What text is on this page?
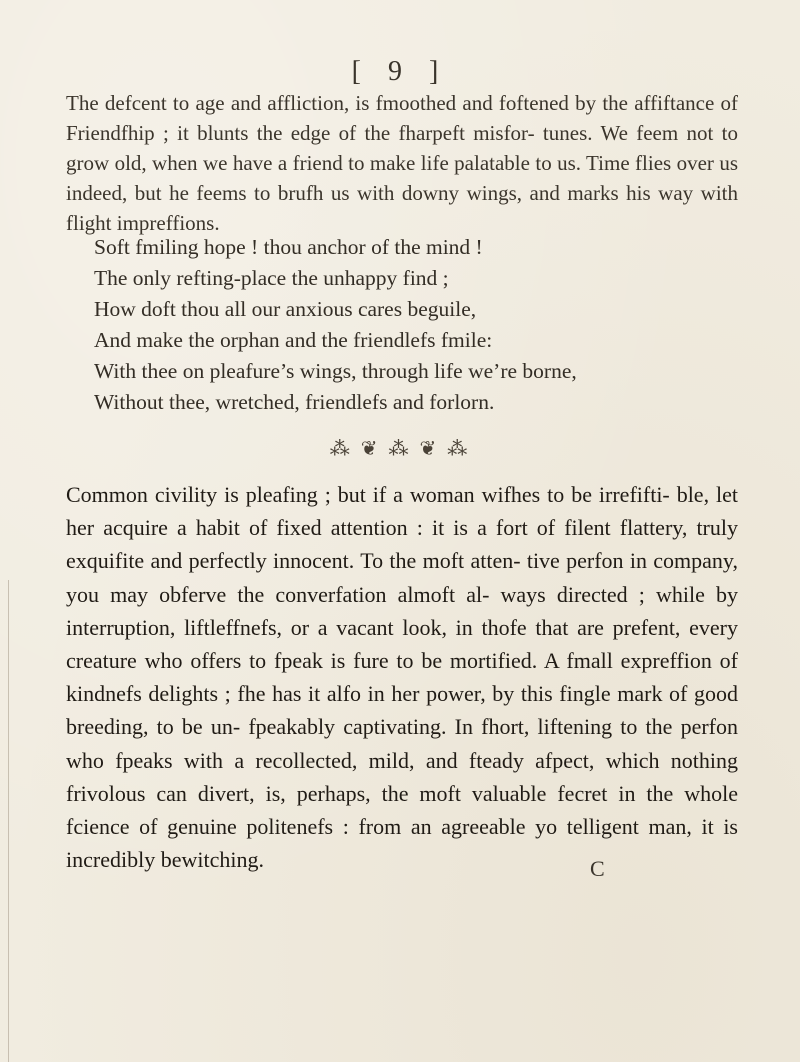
[ 9 ]

The defcent to age and affliction, is fmoothed and foftened by the affiftance of Friendfhip ; it blunts the edge of the fharpeft misfor- tunes. We feem not to grow old, when we have a friend to make life palatable to us. Time flies over us indeed, but he feems to brufh us with downy wings, and marks his way with flight impreffions.

Soft fmiling hope ! thou anchor of the mind !
The only refting-place the unhappy find ;
How doft thou all our anxious cares beguile,
And make the orphan and the friendlefs fmile:
With thee on pleafure’s wings, through life we’re borne,
Without thee, wretched, friendlefs and forlorn.
⁂ ❦ ⁂ ❦ ⁂

Common civility is pleafing ; but if a woman wifhes to be irrefifti- ble, let her acquire a habit of fixed attention : it is a fort of filent flattery, truly exquifite and perfectly innocent. To the moft atten- tive perfon in company, you may obferve the converfation almoft al- ways directed ; while by interruption, liftleffnefs, or a vacant look, in thofe that are prefent, every creature who offers to fpeak is fure to be mortified. A fmall expreffion of kindnefs delights ; fhe has it alfo in her power, by this fingle mark of good breeding, to be un- fpeakably captivating. In fhort, liftening to the perfon who fpeaks with a recollected, mild, and fteady afpect, which nothing frivolous can divert, is, perhaps, the moft valuable fecret in the whole fcience of genuine politenefs : from an agreeable yo telligent man, it is incredibly bewitching.	C
